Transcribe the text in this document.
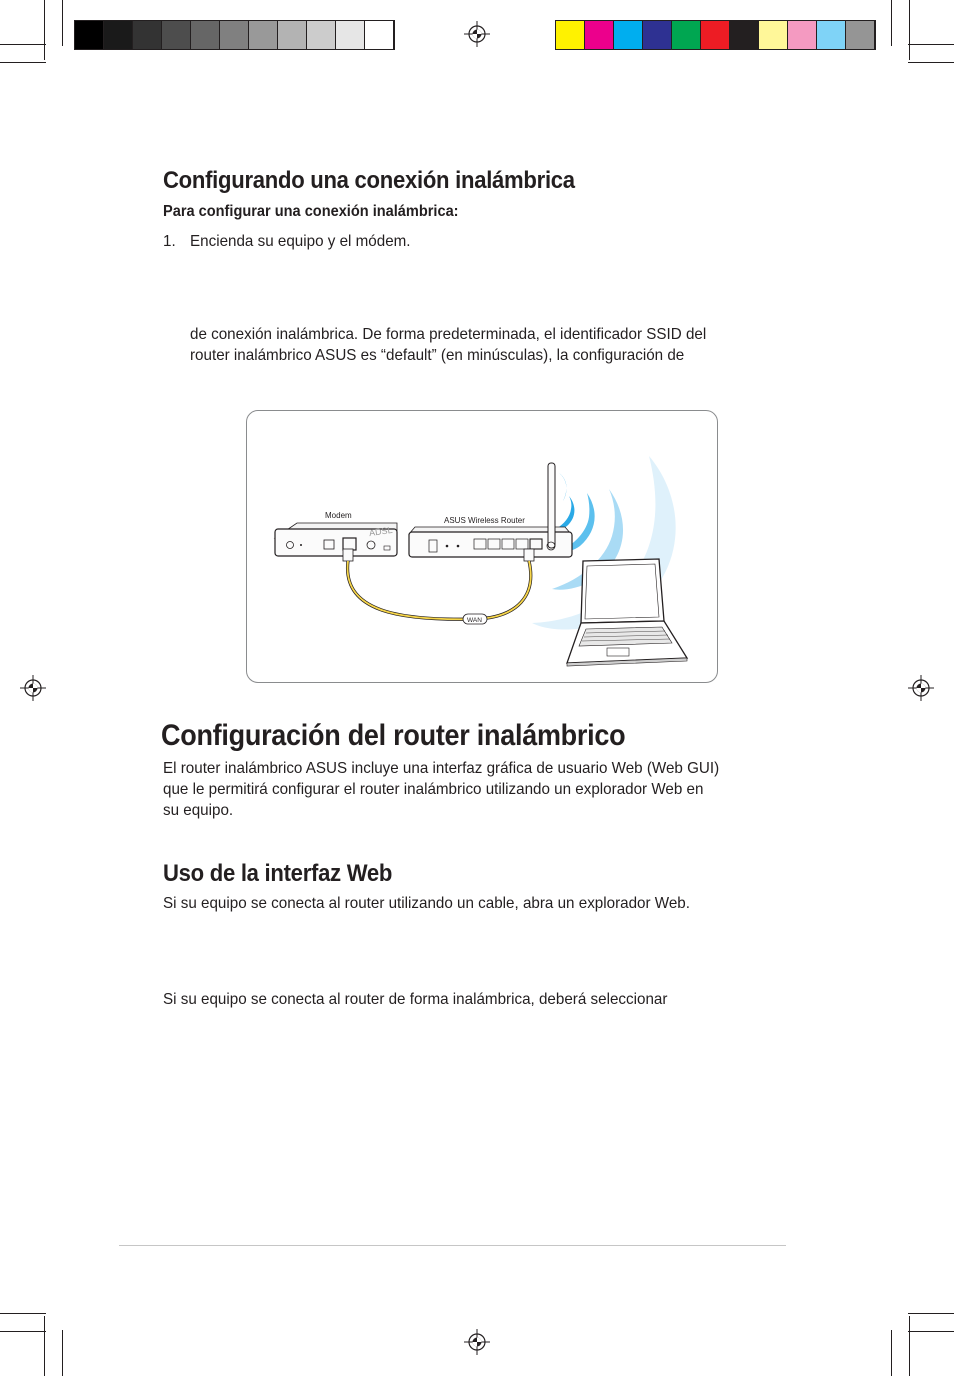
Configurando una conexión inalámbrica
Para configurar una conexión inalámbrica:
1. Encienda su equipo y el módem.
de conexión inalámbrica. De forma predeterminada, el identificador SSID del
router inalámbrico ASUS es “default” (en minúsculas), la configuración de
Modem
ADSL
ASUS Wireless Router
WAN
Configuración del router inalámbrico
El router inalámbrico ASUS incluye una interfaz gráfica de usuario Web (Web GUI)
que le permitirá configurar el router inalámbrico utilizando un explorador Web en
su equipo.
Uso de la interfaz Web
Si su equipo se conecta al router utilizando un cable, abra un explorador Web.
Si su equipo se conecta al router de forma inalámbrica, deberá seleccionar
